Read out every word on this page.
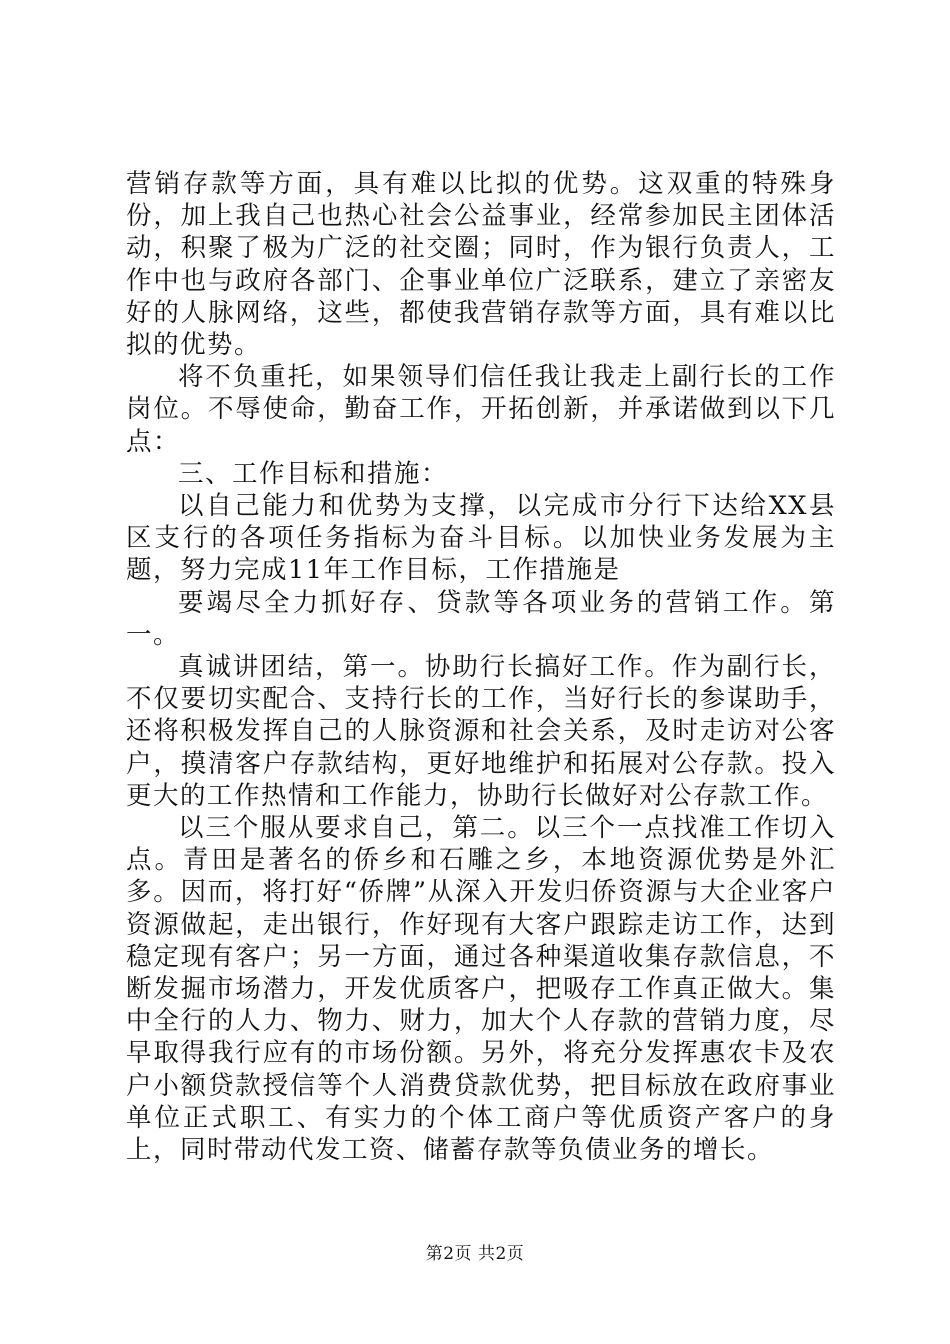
营销存款等方面，具有难以比拟的优势。这双重的特殊身份，加上我自己也热心社会公益事业，经常参加民主团体活动，积聚了极为广泛的社交圈；同时，作为银行负责人，工作中也与政府各部门、企事业单位广泛联系，建立了亲密友好的人脉网络，这些，都使我营销存款等方面，具有难以比拟的优势。

将不负重托，如果领导们信任我让我走上副行长的工作岗位。不辱使命，勤奋工作，开拓创新，并承诺做到以下几点：

三、工作目标和措施：

以自己能力和优势为支撑，以完成市分行下达给XX县区支行的各项任务指标为奋斗目标。以加快业务发展为主题，努力完成11年工作目标，工作措施是

要竭尽全力抓好存、贷款等各项业务的营销工作。第一。

真诚讲团结，第一。协助行长搞好工作。作为副行长，不仅要切实配合、支持行长的工作，当好行长的参谋助手，还将积极发挥自己的人脉资源和社会关系，及时走访对公客户，摸清客户存款结构，更好地维护和拓展对公存款。投入更大的工作热情和工作能力，协助行长做好对公存款工作。

以三个服从要求自己，第二。以三个一点找准工作切入点。青田是著名的侨乡和石雕之乡，本地资源优势是外汇多。因而，将打好“侨牌”从深入开发归侨资源与大企业客户资源做起，走出银行，作好现有大客户跟踪走访工作，达到稳定现有客户；另一方面，通过各种渠道收集存款信息，不断发掘市场潜力，开发优质客户，把吸存工作真正做大。集中全行的人力、物力、财力，加大个人存款的营销力度，尽早取得我行应有的市场份额。另外，将充分发挥惠农卡及农户小额贷款授信等个人消费贷款优势，把目标放在政府事业单位正式职工、有实力的个体工商户等优质资产客户的身上，同时带动代发工资、储蓄存款等负债业务的增长。

第2页 共2页
